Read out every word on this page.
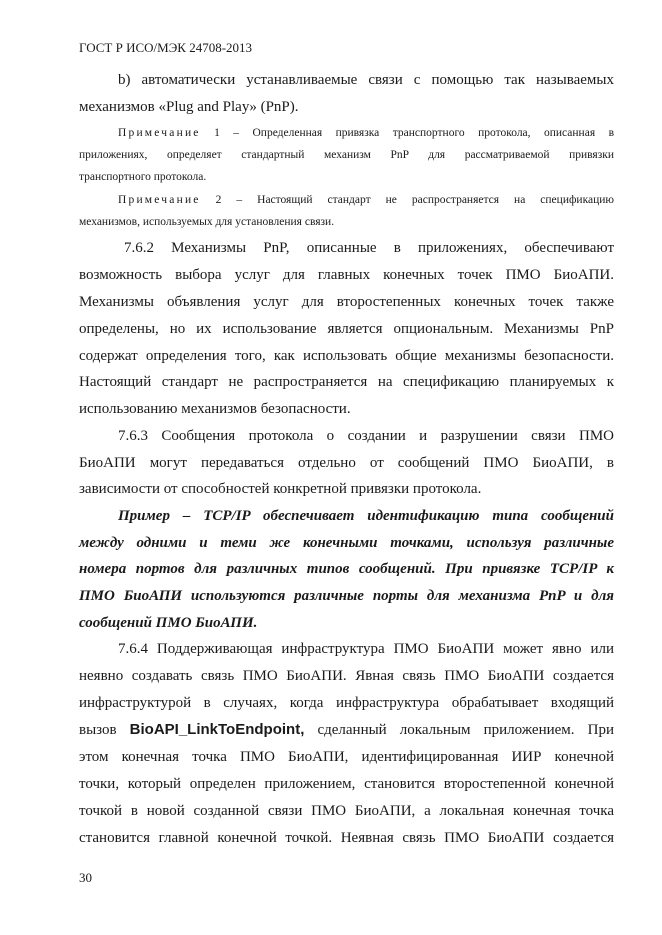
ГОСТ Р ИСО/МЭК 24708-2013
b) автоматически устанавливаемые связи с помощью так называемых
механизмов «Plug and Play» (PnP).
Примечание 1 – Определенная привязка транспортного протокола, описанная в
приложениях, определяет стандартный механизм PnP для рассматриваемой привязки
транспортного протокола.
Примечание 2 – Настоящий стандарт не распространяется на спецификацию
механизмов, используемых для установления связи.
7.6.2 Механизмы PnP, описанные в приложениях, обеспечивают
возможность выбора услуг для главных конечных точек ПМО БиоАПИ.
Механизмы объявления услуг для второстепенных конечных точек также
определены, но их использование является опциональным. Механизмы PnP
содержат определения того, как использовать общие механизмы безопасности.
Настоящий стандарт не распространяется на спецификацию планируемых к
использованию механизмов безопасности.
7.6.3 Сообщения протокола о создании и разрушении связи ПМО
БиоАПИ могут передаваться отдельно от сообщений ПМО БиоАПИ, в
зависимости от способностей конкретной привязки протокола.
Пример – TCP/IP обеспечивает идентификацию типа сообщений
между одними и теми же конечными точками, используя различные
номера портов для различных типов сообщений. При привязке TCP/IP к
ПМО БиоАПИ используются различные порты для механизма PnP и для
сообщений ПМО БиоАПИ.
7.6.4 Поддерживающая инфраструктура ПМО БиоАПИ может явно или
неявно создавать связь ПМО БиоАПИ. Явная связь ПМО БиоАПИ создается
инфраструктурой в случаях, когда инфраструктура обрабатывает входящий
вызов BioAPI_LinkToEndpoint, сделанный локальным приложением. При
этом конечная точка ПМО БиоАПИ, идентифицированная ИИР конечной
точки, который определен приложением, становится второстепенной конечной
точкой в новой созданной связи ПМО БиоАПИ, а локальная конечная точка
становится главной конечной точкой. Неявная связь ПМО БиоАПИ создается
30
